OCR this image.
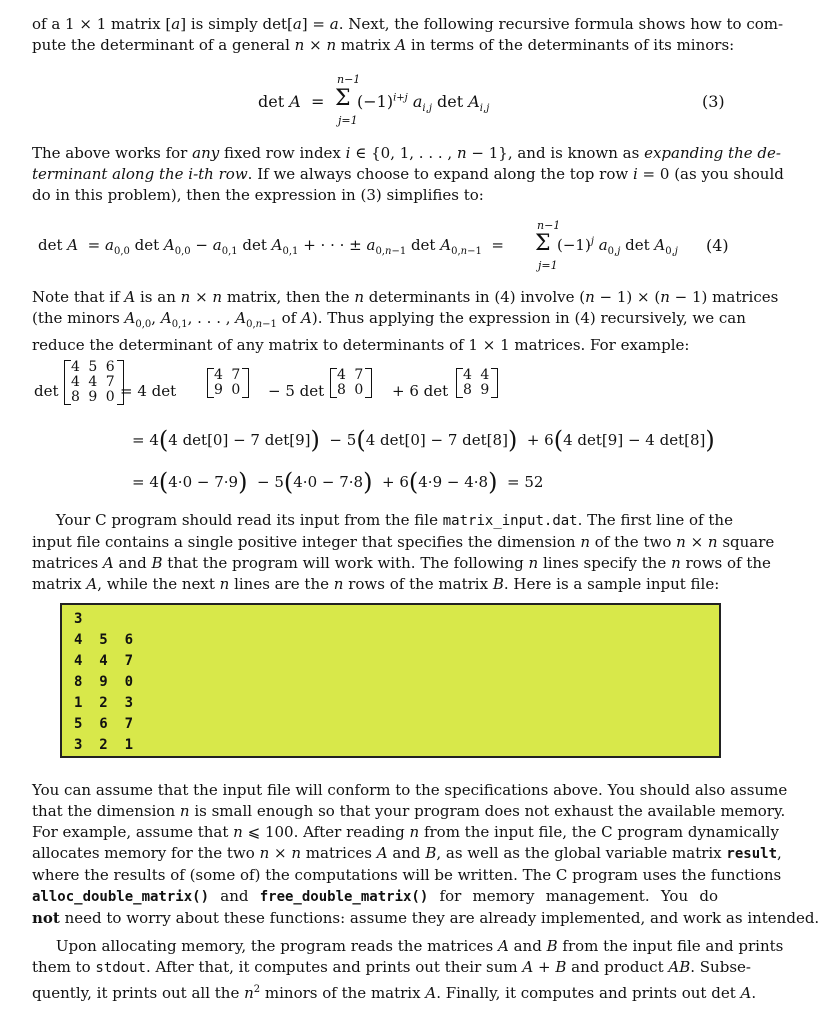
of a 1 × 1 matrix [a] is simply det[a] = a. Next, the following recursive formula shows how to com-
pute the determinant of a general n × n matrix A in terms of the determinants of its minors:
det A  =
n−1
Σ
j=1
$(-1)^{i+j}$ $a_{i,j}$ $\det A_{i,j}$	(3)
The above works for any fixed row index i ∈ {0, 1, . . . , n − 1}, and is known as expanding the de-
terminant along the i-th row. If we always choose to expand along the top row i = 0 (as you should
do in this problem), then the expression in (3) simplifies to:
$\det A = a_{0,0}$ $\det A_{0,0} - a_{0,1}$ $\det A_{0,1}$ + · · · ± $a_{0,n-1}$ $\det A_{0,n-1}$  =
n−1
Σ
j=1
$(-1)^j$ $a_{0,j}$ $\det A_{0,j}$ (4)
Note that if A is an n × n matrix, then the n determinants in (4) involve (n − 1) × (n − 1) matrices
(the minors $A_{0,0}$, $A_{0,1}$, . . . , $A_{0,n-1}$ of A). Thus applying the expression in (4) recursively, we can
reduce the determinant of any matrix to determinants of 1 × 1 matrices. For example:
det
4 5 6
4 4 7
8 9 0 = 4 det
4 7
9 0	− 5 det
4 7
8 0	+ 6 det
4 4
8 9
= 4(4 det[0] − 7 det[9])  − 5(4 det[0] − 7 det[8])  + 6(4 det[9] − 4 det[8])
= 4(4·0 − 7·9)  − 5(4·0 − 7·8)  + 6(4·9 − 4·8)  = 52
Your C program should read its input from the file matrix_input.dat. The first line of the
input file contains a single positive integer that specifies the dimension n of the two n × n square
matrices A and B that the program will work with. The following n lines specify the n rows of the
matrix A, while the next n lines are the n rows of the matrix B. Here is a sample input file:
3
4  5  6
4  4  7
8  9  0
1  2  3
5  6  7
3  2  1
You can assume that the input file will conform to the specifications above. You should also assume
that the dimension n is small enough so that your program does not exhaust the available memory.
For example, assume that n ⩽ 100. After reading n from the input file, the C program dynamically
allocates memory for the two n × n matrices A and B, as well as the global variable matrix result,
where the results of (some of) the computations will be written. The C program uses the functions
alloc_double_matrix() and free_double_matrix() for memory management. You do
not need to worry about these functions: assume they are already implemented, and work as intended.
Upon allocating memory, the program reads the matrices A and B from the input file and prints
them to stdout. After that, it computes and prints out their sum A + B and product AB. Subse-
quently, it prints out all the $n^2$ minors of the matrix A. Finally, it computes and prints out det A.
